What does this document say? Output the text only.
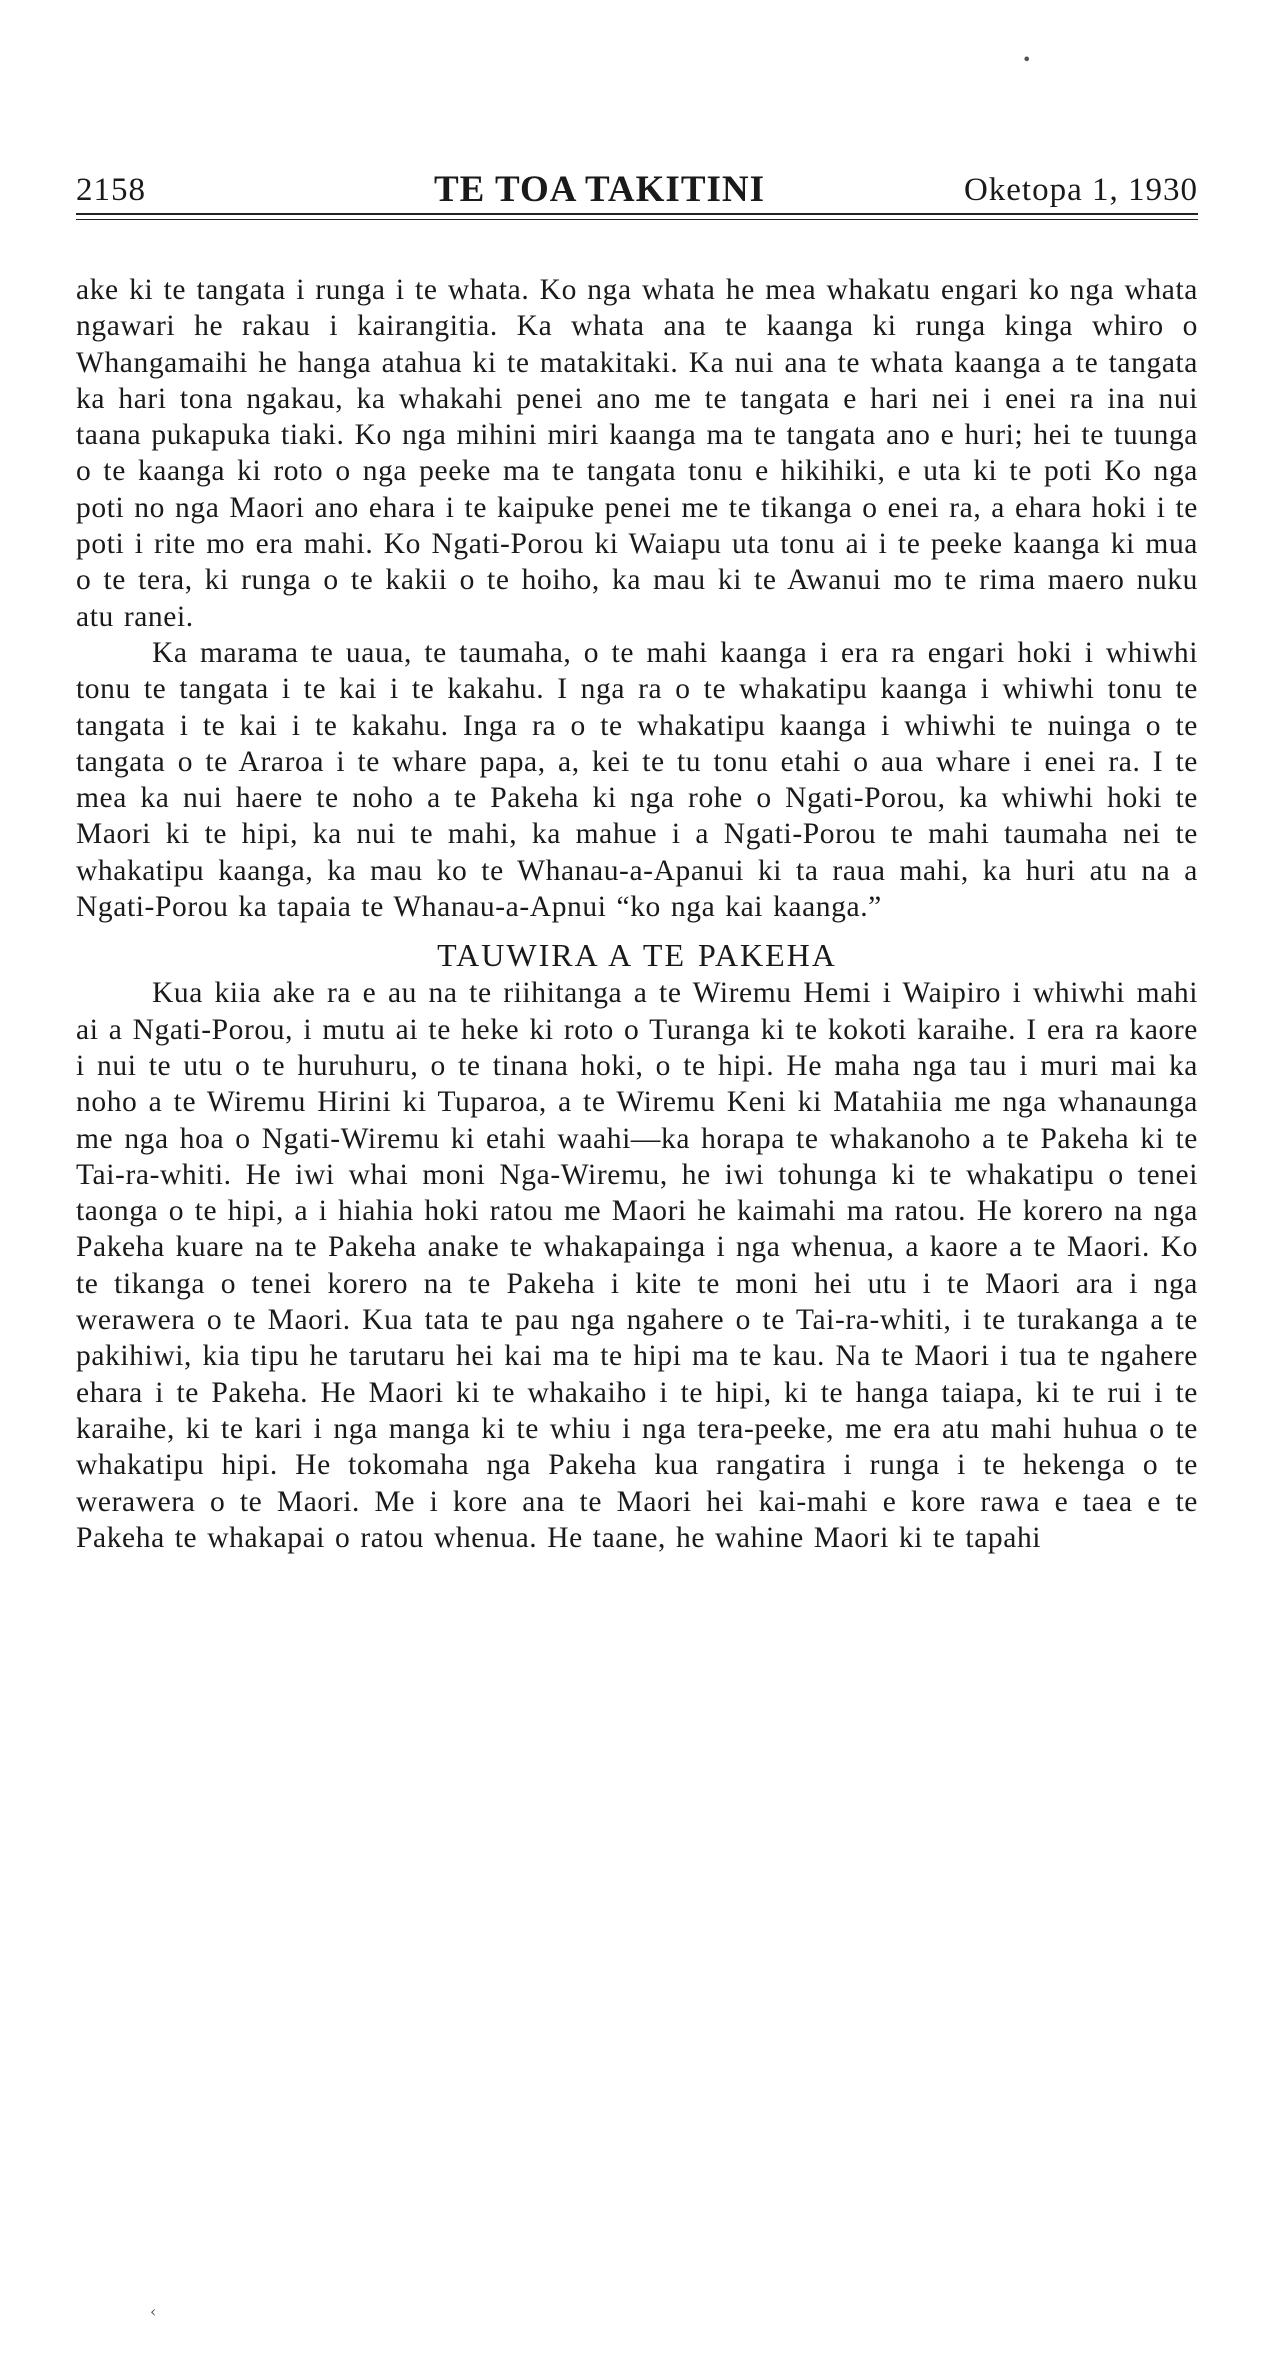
•
2158	TE TOA TAKITINI	Oketopa 1, 1930

ake ki te tangata i runga i te whata. Ko nga whata he mea whakatu engari ko nga whata ngawari he rakau i kairangitia. Ka whata ana te kaanga ki runga kinga whiro o Whangamaihi he hanga atahua ki te matakitaki. Ka nui ana te whata kaanga a te tangata ka hari tona ngakau, ka whakahi penei ano me te tangata e hari nei i enei ra ina nui taana pukapuka tiaki. Ko nga mihini miri kaanga ma te tangata ano e huri; hei te tuunga o te kaanga ki roto o nga peeke ma te tangata tonu e hikihiki, e uta ki te poti Ko nga poti no nga Maori ano ehara i te kaipuke penei me te tikanga o enei ra, a ehara hoki i te poti i rite mo era mahi. Ko Ngati-Porou ki Waiapu uta tonu ai i te peeke kaanga ki mua o te tera, ki runga o te kakii o te hoiho, ka mau ki te Awanui mo te rima maero nuku atu ranei.

Ka marama te uaua, te taumaha, o te mahi kaanga i era ra engari hoki i whiwhi tonu te tangata i te kai i te kakahu. I nga ra o te whakatipu kaanga i whiwhi tonu te tangata i te kai i te kakahu. Inga ra o te whakatipu kaanga i whiwhi te nuinga o te tangata o te Araroa i te whare papa, a, kei te tu tonu etahi o aua whare i enei ra. I te mea ka nui haere te noho a te Pakeha ki nga rohe o Ngati-Porou, ka whiwhi hoki te Maori ki te hipi, ka nui te mahi, ka mahue i a Ngati-Porou te mahi taumaha nei te whakatipu kaanga, ka mau ko te Whanau-a-Apanui ki ta raua mahi, ka huri atu na a Ngati-Porou ka tapaia te Whanau-a-Apnui “ko nga kai kaanga.”

TAUWIRA A TE PAKEHA

Kua kiia ake ra e au na te riihitanga a te Wiremu Hemi i Waipiro i whiwhi mahi ai a Ngati-Porou, i mutu ai te heke ki roto o Turanga ki te kokoti karaihe. I era ra kaore i nui te utu o te huruhuru, o te tinana hoki, o te hipi. He maha nga tau i muri mai ka noho a te Wiremu Hirini ki Tuparoa, a te Wiremu Keni ki Matahiia me nga whanaunga me nga hoa o Ngati-Wiremu ki etahi waahi—ka horapa te whakanoho a te Pakeha ki te Tai-ra-whiti. He iwi whai moni Nga-Wiremu, he iwi tohunga ki te whakatipu o tenei taonga o te hipi, a i hiahia hoki ratou me Maori he kaimahi ma ratou. He korero na nga Pakeha kuare na te Pakeha anake te whakapainga i nga whenua, a kaore a te Maori. Ko te tikanga o tenei korero na te Pakeha i kite te moni hei utu i te Maori ara i nga werawera o te Maori. Kua tata te pau nga ngahere o te Tai-ra-whiti, i te turakanga a te pakihiwi, kia tipu he tarutaru hei kai ma te hipi ma te kau. Na te Maori i tua te ngahere ehara i te Pakeha. He Maori ki te whakaiho i te hipi, ki te hanga taiapa, ki te rui i te karaihe, ki te kari i nga manga ki te whiu i nga tera-peeke, me era atu mahi huhua o te whakatipu hipi. He tokomaha nga Pakeha kua rangatira i runga i te hekenga o te werawera o te Maori. Me i kore ana te Maori hei kai-mahi e kore rawa e taea e te Pakeha te whakapai o ratou whenua. He taane, he wahine Maori ki te tapahi

‹
